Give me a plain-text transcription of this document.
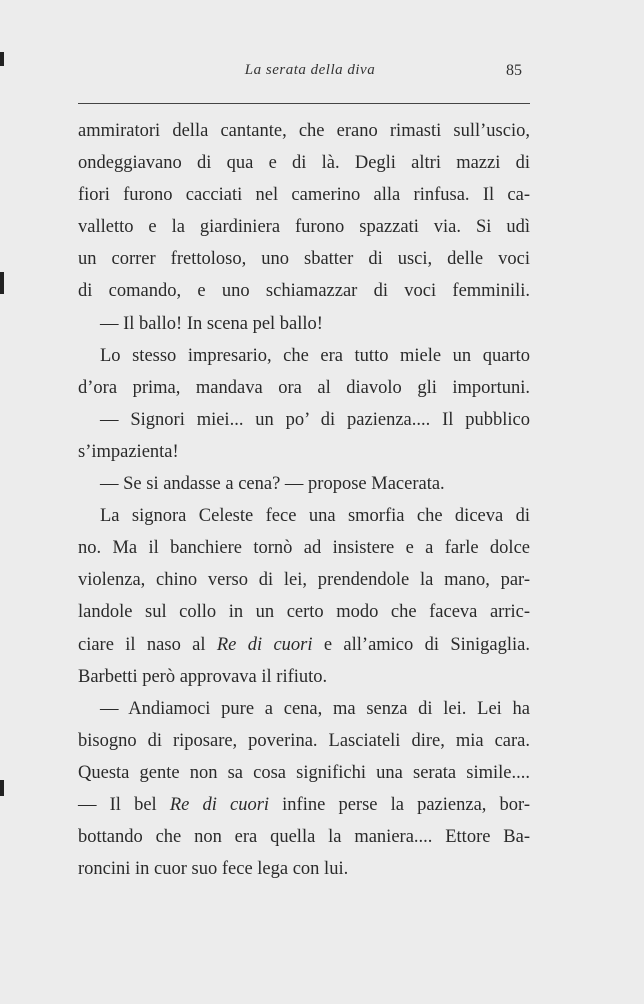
La serata della diva	85
ammiratori della cantante, che erano rimasti sull’uscio,
ondeggiavano di qua e di là. Degli altri mazzi di
fiori furono cacciati nel camerino alla rinfusa. Il ca-
valletto e la giardiniera furono spazzati via. Si udì
un correr frettoloso, uno sbatter di usci, delle voci
di comando, e uno schiamazzar di voci femminili.
— Il ballo! In scena pel ballo!
Lo stesso impresario, che era tutto miele un quarto
d’ora prima, mandava ora al diavolo gli importuni.
— Signori miei... un po’ di pazienza.... Il pubblico
s’impazienta!
— Se si andasse a cena? — propose Macerata.
La signora Celeste fece una smorfia che diceva di
no. Ma il banchiere tornò ad insistere e a farle dolce
violenza, chino verso di lei, prendendole la mano, par-
landole sul collo in un certo modo che faceva arric-
ciare il naso al Re di cuori e all’amico di Sinigaglia.
Barbetti però approvava il rifiuto.
— Andiamoci pure a cena, ma senza di lei. Lei ha
bisogno di riposare, poverina. Lasciateli dire, mia cara.
Questa gente non sa cosa significhi una serata simile....
— Il bel Re di cuori infine perse la pazienza, bor-
bottando che non era quella la maniera.... Ettore Ba-
roncini in cuor suo fece lega con lui.
